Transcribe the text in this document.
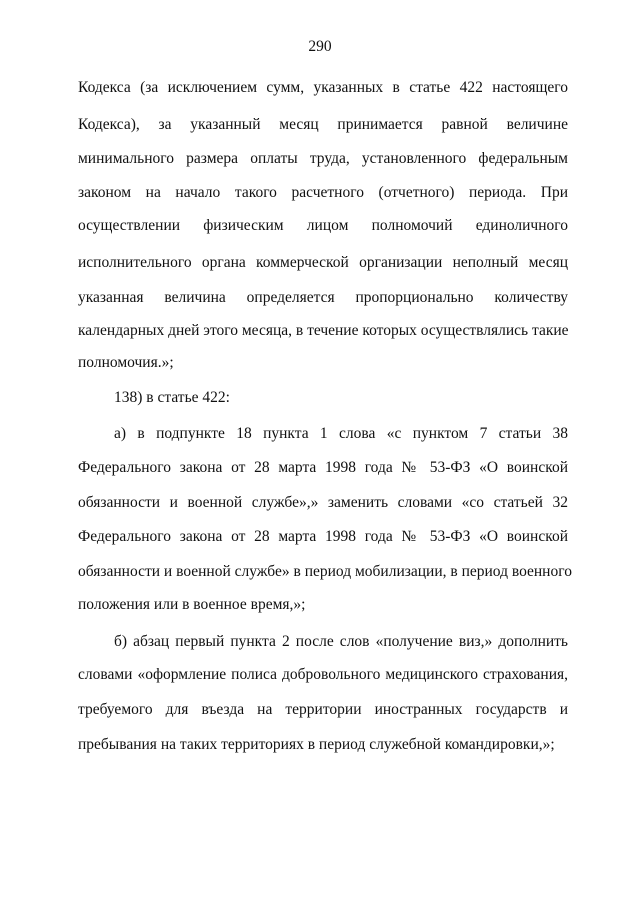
290
Кодекса (за исключением сумм, указанных в статье 422 настоящего
Кодекса), за указанный месяц принимается равной величине
минимального размера оплаты труда, установленного федеральным
законом на начало такого расчетного (отчетного) периода. При
осуществлении физическим лицом полномочий единоличного
исполнительного органа коммерческой организации неполный месяц
указанная величина определяется пропорционально количеству
календарных дней этого месяца, в течение которых осуществлялись такие
полномочия.»;
138) в статье 422:
а) в подпункте 18 пункта 1 слова «с пунктом 7 статьи 38
Федерального закона от 28 марта 1998 года № 53-ФЗ «О воинской
обязанности и военной службе»,» заменить словами «со статьей 32
Федерального закона от 28 марта 1998 года № 53-ФЗ «О воинской
обязанности и военной службе» в период мобилизации, в период военного
положения или в военное время,»;
б) абзац первый пункта 2 после слов «получение виз,» дополнить
словами «оформление полиса добровольного медицинского страхования,
требуемого для въезда на территории иностранных государств и
пребывания на таких территориях в период служебной командировки,»;
